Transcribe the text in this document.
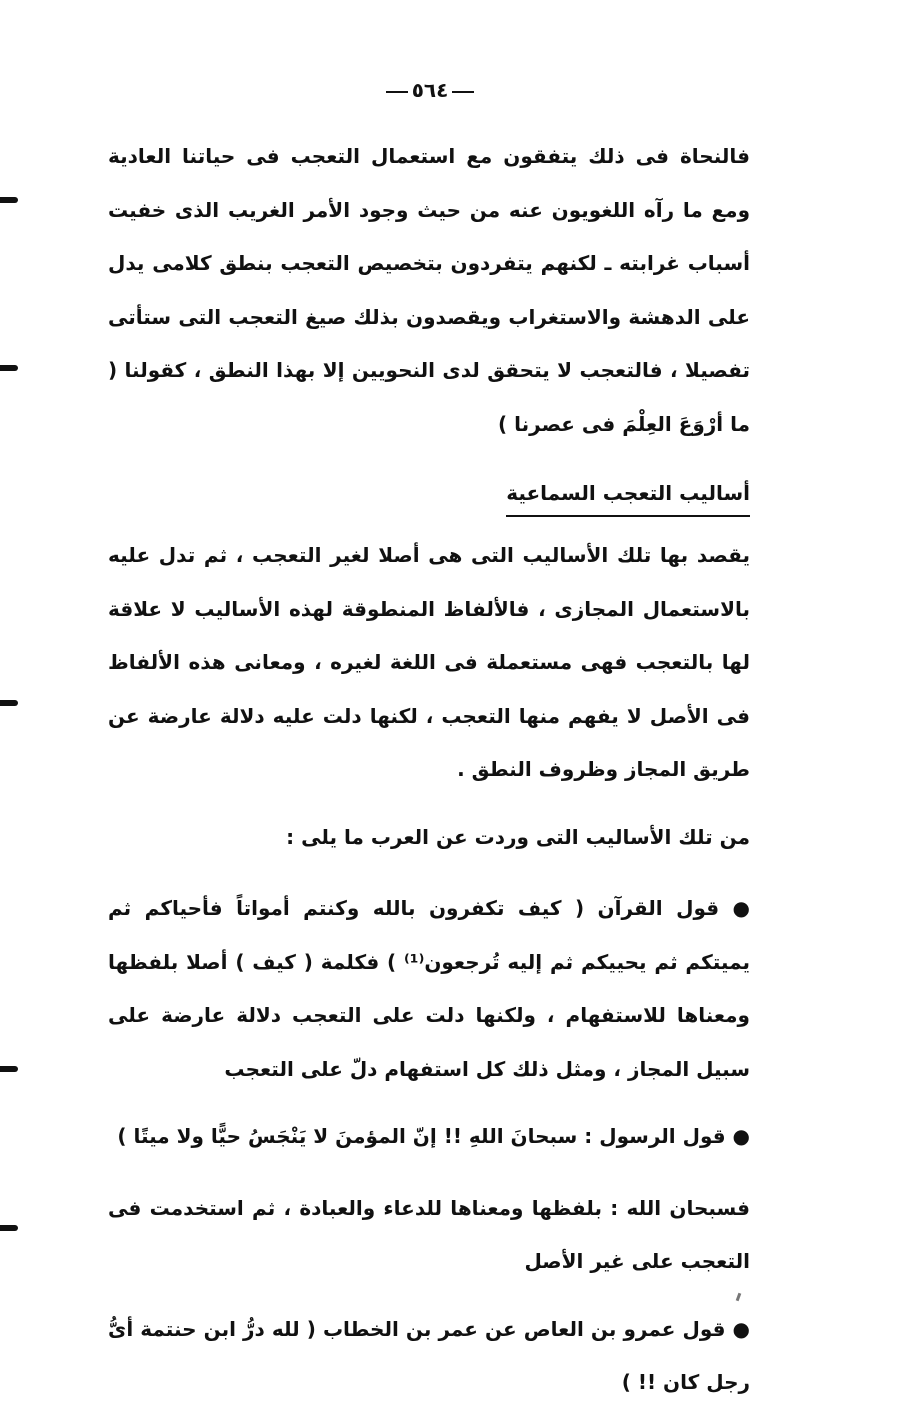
٥٦٤

فالنحاة فى ذلك يتفقون مع استعمال التعجب فى حياتنا العادية ومع ما رآه اللغويون عنه من حيث وجود الأمر الغريب الذى خفيت أسباب غرابته ـ لكنهم يتفردون بتخصيص التعجب بنطق كلامى يدل على الدهشة والاستغراب ويقصدون بذلك صيغ التعجب التى ستأتى تفصيلا ، فالتعجب لا يتحقق لدى النحويين إلا بهذا النطق ، كقولنا ( ما أرْوَعَ العِلْمَ فى عصرنا )

أساليب التعجب السماعية

يقصد بها تلك الأساليب التى هى أصلا لغير التعجب ، ثم تدل عليه بالاستعمال المجازى ، فالألفاظ المنطوقة لهذه الأساليب لا علاقة لها بالتعجب فهى مستعملة فى اللغة لغيره ، ومعانى هذه الألفاظ فى الأصل لا يفهم منها التعجب ، لكنها دلت عليه دلالة عارضة عن طريق المجاز وظروف النطق .

من تلك الأساليب التى وردت عن العرب ما يلى :

● قول القرآن ( كيف تكفرون بالله وكنتم أمواتاً فأحياكم ثم يميتكم ثم يحييكم ثم إليه تُرجعون⁽¹⁾ ) فكلمة ( كيف ) أصلا بلفظها ومعناها للاستفهام ، ولكنها دلت على التعجب دلالة عارضة على سبيل المجاز ، ومثل ذلك كل استفهام دلّ على التعجب

● قول الرسول : سبحانَ اللهِ !! إنّ المؤمنَ لا يَنْجَسُ حيًّا ولا ميتًا )

فسبحان الله : بلفظها ومعناها للدعاء والعبادة ، ثم استخدمت فى التعجب على غير الأصل

● قول عمرو بن العاص عن عمر بن الخطاب ( لله درُّ ابن حنتمة أىُّ رجل كان !! )
